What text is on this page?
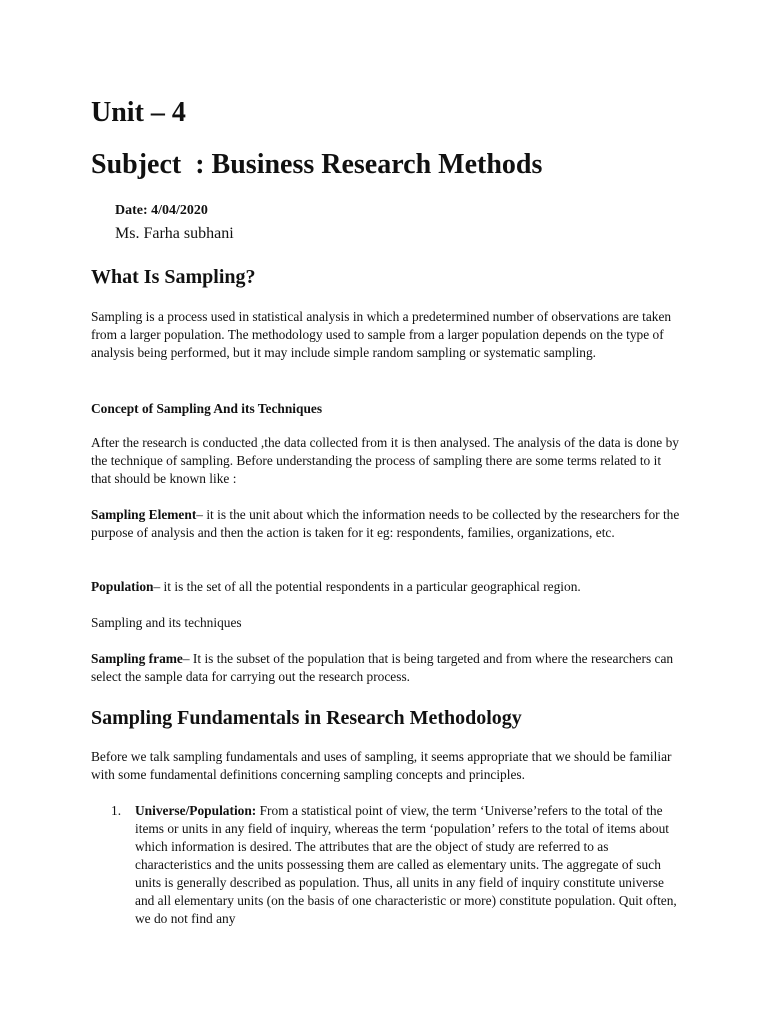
Unit – 4
Subject  : Business Research Methods
Date: 4/04/2020
Ms. Farha subhani
What Is Sampling?

Sampling is a process used in statistical analysis in which a predetermined number of observations are taken from a larger population. The methodology used to sample from a larger population depends on the type of analysis being performed, but it may include simple random sampling or systematic sampling.

Concept of Sampling And its Techniques

After the research is conducted ,the data collected from it is then analysed. The analysis of the data is done by the technique of sampling. Before understanding the process of sampling there are some terms related to it that should be known like :

Sampling Element– it is the unit about which the information needs to be collected by the researchers for the purpose of analysis and then the action is taken for it eg: respondents, families, organizations, etc.

Population– it is the set of all the potential respondents in a particular geographical region.

Sampling and its techniques

Sampling frame– It is the subset of the population that is being targeted and from where the researchers can select the sample data for carrying out the research process.

Sampling Fundamentals in Research Methodology

Before we talk sampling fundamentals and uses of sampling, it seems appropriate that we should be familiar with some fundamental definitions concerning sampling concepts and principles.

1. Universe/Population: From a statistical point of view, the term ‘Universe’refers to the total of the items or units in any field of inquiry, whereas the term ‘population’ refers to the total of items about which information is desired. The attributes that are the object of study are referred to as characteristics and the units possessing them are called as elementary units. The aggregate of such units is generally described as population. Thus, all units in any field of inquiry constitute universe and all elementary units (on the basis of one characteristic or more) constitute population. Quit often, we do not find any
